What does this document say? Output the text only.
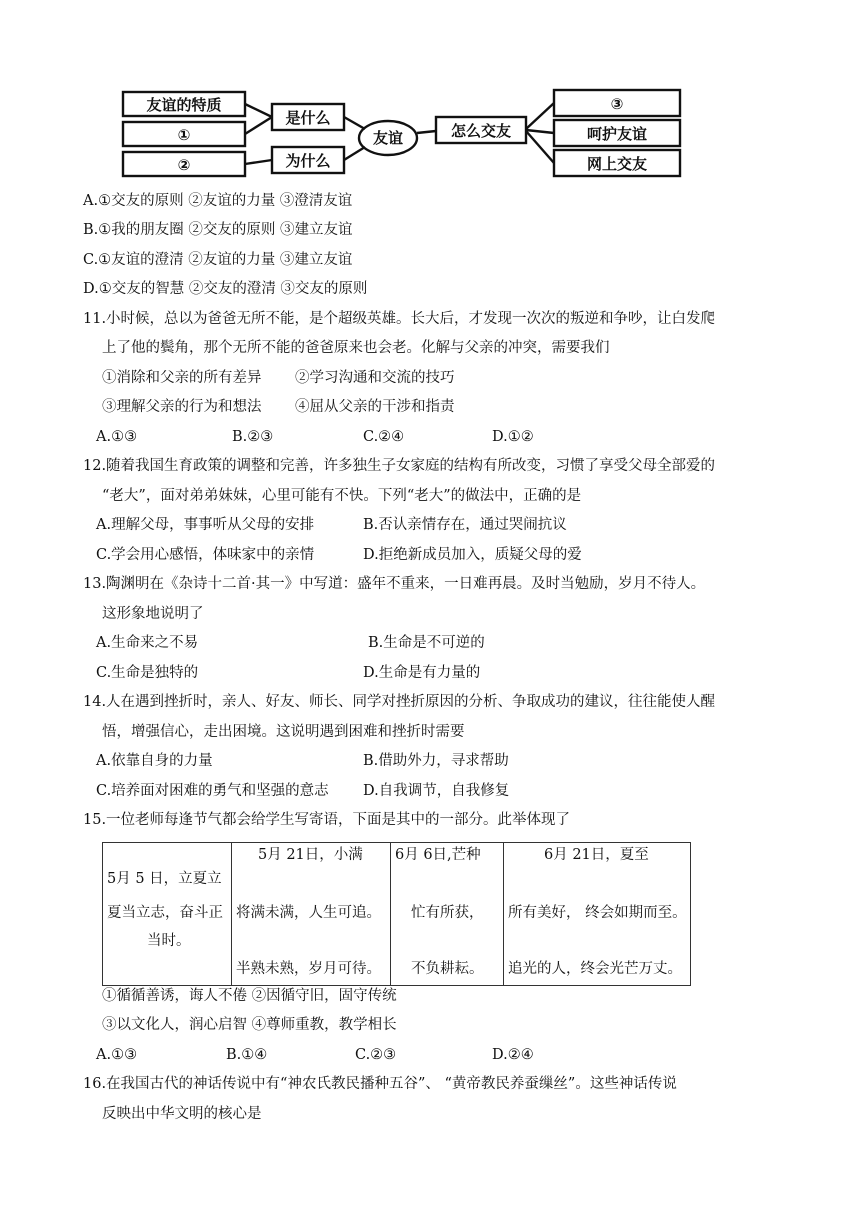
友谊的特质
①
②
是什么
为什么
友谊	怎么交友
③
呵护友谊
网上交友
A.①交友的原则 ②友谊的力量 ③澄清友谊
B.①我的朋友圈 ②交友的原则 ③建立友谊
C.①友谊的澄清 ②友谊的力量 ③建立友谊
D.①交友的智慧 ②交友的澄清 ③交友的原则
11.小时候，总以为爸爸无所不能，是个超级英雄。长大后，才发现一次次的叛逆和争吵，让白发爬
上了他的鬓角，那个无所不能的爸爸原来也会老。化解与父亲的冲突，需要我们
①消除和父亲的所有差异 ②学习沟通和交流的技巧
③理解父亲的行为和想法 ④屈从父亲的干涉和指责
A.①③	B.②③	C.②④	D.①②
12.随着我国生育政策的调整和完善，许多独生子女家庭的结构有所改变，习惯了享受父母全部爱的
“老大”，面对弟弟妹妹，心里可能有不快。下列“老大”的做法中，正确的是
A.理解父母，事事听从父母的安排	B.否认亲情存在，通过哭闹抗议
C.学会用心感悟，体味家中的亲情	D.拒绝新成员加入，质疑父母的爱
13.陶渊明在《杂诗十二首·其一》中写道：盛年不重来，一日难再晨。及时当勉励，岁月不待人。
这形象地说明了
A.生命来之不易	B.生命是不可逆的
C.生命是独特的	D.生命是有力量的
14.人在遇到挫折时，亲人、好友、师长、同学对挫折原因的分析、争取成功的建议，往往能使人醒
悟，增强信心，走出困境。这说明遇到困难和挫折时需要
A.依靠自身的力量	B.借助外力，寻求帮助
C.培养面对困难的勇气和坚强的意志 D.自我调节，自我修复
15.一位老师每逢节气都会给学生写寄语，下面是其中的一部分。此举体现了
5月 5 日，立夏立
夏当立志，奋斗正
当时。

5月 21日，小满
将满未满，人生可追。
半熟未熟，岁月可待。

6月 6日,芒种
忙有所获，
不负耕耘。

6月 21日，夏至
所有美好， 终会如期而至。
追光的人，终会光芒万丈。
①循循善诱，诲人不倦 ②因循守旧，固守传统
③以文化人，润心启智 ④尊师重教，教学相长
A.①③	B.①④	C.②③	D.②④
16.在我国古代的神话传说中有“神农氏教民播种五谷”、 “黄帝教民养蚕缫丝”。这些神话传说
反映出中华文明的核心是
